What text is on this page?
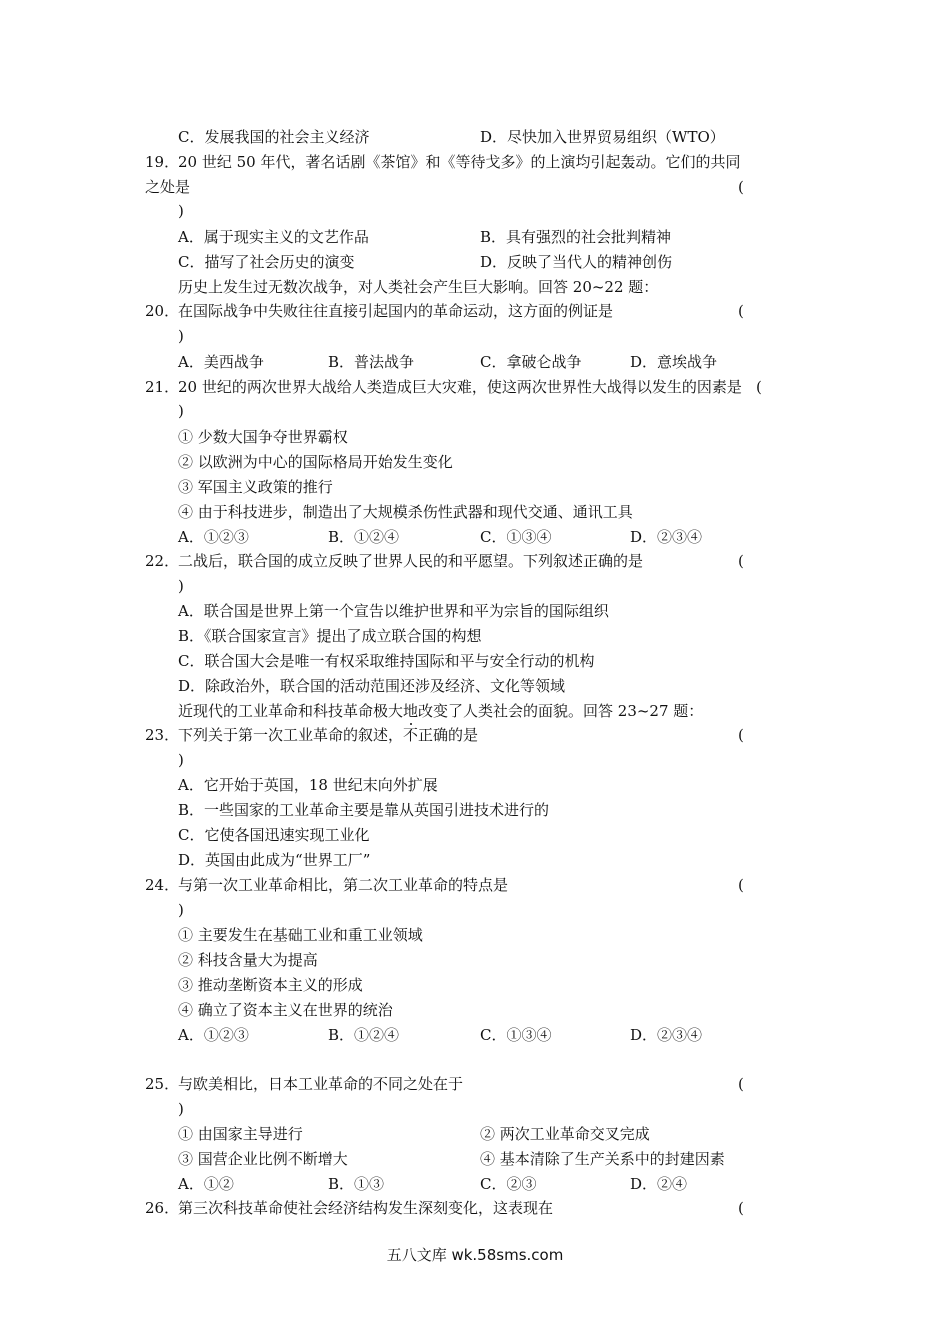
C．发展我国的社会主义经济	D．尽快加入世界贸易组织（WTO）
19．
20 世纪 50 年代，著名话剧《茶馆》和《等待戈多》的上演均引起轰动。它们的共同
之处是	(
)
A．属于现实主义的文艺作品	B．具有强烈的社会批判精神
C．描写了社会历史的演变	D．反映了当代人的精神创伤
历史上发生过无数次战争，对人类社会产生巨大影响。回答 20~22 题：
20．
在国际战争中失败往往直接引起国内的革命运动，这方面的例证是	(
)
A．美西战争	B．普法战争	C．拿破仑战争	D．意埃战争
21．
20 世纪的两次世界大战给人类造成巨大灾难，使这两次世界性大战得以发生的因素是 (
)
① 少数大国争夺世界霸权
② 以欧洲为中心的国际格局开始发生变化
③ 军国主义政策的推行
④ 由于科技进步，制造出了大规模杀伤性武器和现代交通、通讯工具
A．①②③	B．①②④	C．①③④	D．②③④
22．
二战后，联合国的成立反映了世界人民的和平愿望。下列叙述正确的是	(
)
A．联合国是世界上第一个宣告以维护世界和平为宗旨的国际组织
B．《联合国家宣言》提出了成立联合国的构想
C．联合国大会是唯一有权采取维持国际和平与安全行动的机构
D．除政治外，联合国的活动范围还涉及经济、文化等领域
近现代的工业革命和科技革命极大地改变了人类社会的面貌。回答 23~27 题：
23．
下列关于第一次工业革命的叙述，不正确的是	(
)
A．它开始于英国，18 世纪末向外扩展
B．一些国家的工业革命主要是靠从英国引进技术进行的
C．它使各国迅速实现工业化
D．英国由此成为“世界工厂”
24．
与第一次工业革命相比，第二次工业革命的特点是	(
)
① 主要发生在基础工业和重工业领域
② 科技含量大为提高
③ 推动垄断资本主义的形成
④ 确立了资本主义在世界的统治
A．①②③	B．①②④	C．①③④	D．②③④
25．
与欧美相比，日本工业革命的不同之处在于	(
)
① 由国家主导进行	② 两次工业革命交叉完成
③ 国营企业比例不断增大	④ 基本清除了生产关系中的封建因素
A．①②	B．①③	C．②③	D．②④
26．
第三次科技革命使社会经济结构发生深刻变化，这表现在	(
五八文库 wk.58sms.com
